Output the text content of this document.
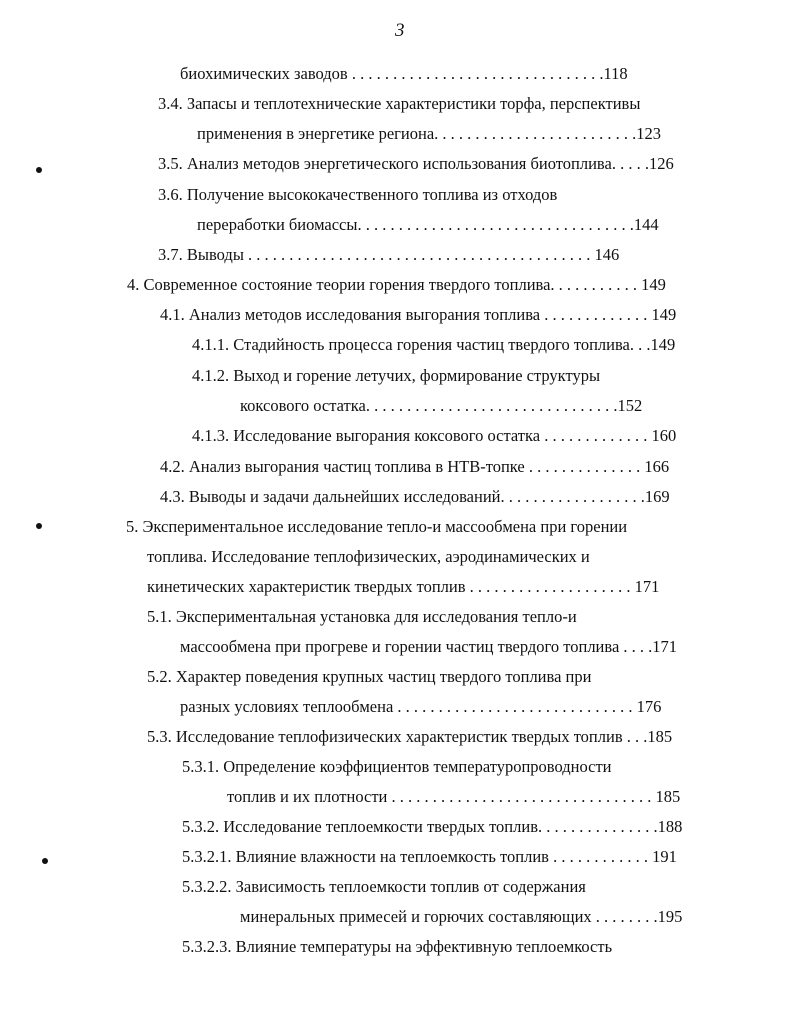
3
биохимических заводов . . . . . . . . . . . . . . . . . . . . . . . . . . . . . . .118
3.4. Запасы и теплотехнические характеристики торфа, перспективы
применения в энергетике региона. . . . . . . . . . . . . . . . . . . . . . . . .123
3.5. Анализ методов энергетического использования биотоплива. . . . .126
3.6. Получение высококачественного топлива из отходов
переработки биомассы. . . . . . . . . . . . . . . . . . . . . . . . . . . . . . . . . .144
3.7. Выводы . . . . . . . . . . . . . . . . . . . . . . . . . . . . . . . . . . . . . . . . . . 146
4. Современное состояние теории горения твердого топлива. . . . . . . . . . . 149
4.1. Анализ методов исследования выгорания топлива . . . . . . . . . . . . . 149
4.1.1. Стадийность процесса горения частиц твердого топлива. . .149
4.1.2. Выход и горение летучих, формирование структуры
коксового остатка. . . . . . . . . . . . . . . . . . . . . . . . . . . . . . .152
4.1.3. Исследование выгорания коксового остатка . . . . . . . . . . . . . 160
4.2. Анализ выгорания частиц топлива в НТВ-топке . . . . . . . . . . . . . . 166
4.3. Выводы и задачи дальнейших исследований. . . . . . . . . . . . . . . . . .169
5. Экспериментальное исследование тепло-и массообмена при горении
топлива. Исследование теплофизических, аэродинамических и
кинетических характеристик твердых топлив . . . . . . . . . . . . . . . . . . . . 171
5.1. Экспериментальная установка для исследования тепло-и
массообмена при прогреве и горении частиц твердого топлива . . . .171
5.2. Характер поведения крупных частиц твердого топлива при
разных условиях теплообмена . . . . . . . . . . . . . . . . . . . . . . . . . . . . . 176
5.3. Исследование теплофизических характеристик твердых топлив . . .185
5.3.1. Определение коэффициентов температуропроводности
топлив и их плотности . . . . . . . . . . . . . . . . . . . . . . . . . . . . . . . . 185
5.3.2. Исследование теплоемкости твердых топлив. . . . . . . . . . . . . . .188
5.3.2.1. Влияние влажности на теплоемкость топлив . . . . . . . . . . . . 191
5.3.2.2. Зависимость теплоемкости топлив от содержания
минеральных примесей и горючих составляющих . . . . . . . .195
5.3.2.3. Влияние температуры на эффективную теплоемкость
